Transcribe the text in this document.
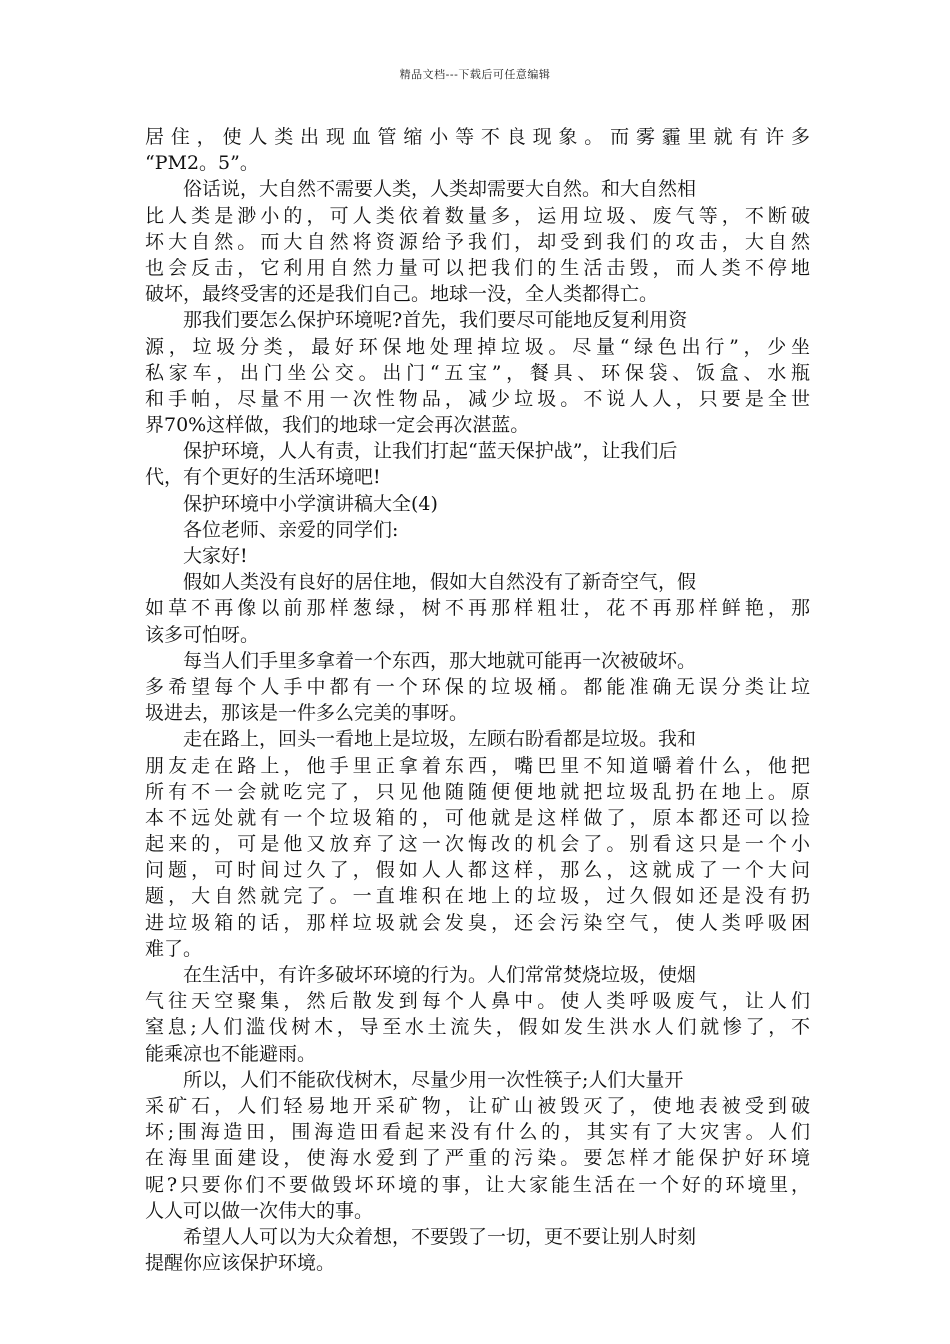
精品文档---下载后可任意编辑
居住，使人类出现血管缩小等不良现象。而雾霾里就有许多
“PM2。5”。
俗话说，大自然不需要人类，人类却需要大自然。和大自然相
比人类是渺小的，可人类依着数量多，运用垃圾、废气等，不断破
坏大自然。而大自然将资源给予我们，却受到我们的攻击，大自然
也会反击，它利用自然力量可以把我们的生活击毁，而人类不停地
破坏，最终受害的还是我们自己。地球一没，全人类都得亡。
那我们要怎么保护环境呢?首先，我们要尽可能地反复利用资
源，垃圾分类，最好环保地处理掉垃圾。尽量“绿色出行”，少坐
私家车，出门坐公交。出门“五宝”，餐具、环保袋、饭盒、水瓶
和手帕，尽量不用一次性物品，减少垃圾。不说人人，只要是全世
界70%这样做，我们的地球一定会再次湛蓝。
保护环境，人人有责，让我们打起“蓝天保护战”，让我们后
代，有个更好的生活环境吧!
保护环境中小学演讲稿大全(4)
各位老师、亲爱的同学们:
大家好!
假如人类没有良好的居住地，假如大自然没有了新奇空气，假
如草不再像以前那样葱绿，树不再那样粗壮，花不再那样鲜艳，那
该多可怕呀。
每当人们手里多拿着一个东西，那大地就可能再一次被破坏。
多希望每个人手中都有一个环保的垃圾桶。都能准确无误分类让垃
圾进去，那该是一件多么完美的事呀。
走在路上，回头一看地上是垃圾，左顾右盼看都是垃圾。我和
朋友走在路上，他手里正拿着东西，嘴巴里不知道嚼着什么，他把
所有不一会就吃完了，只见他随随便便地就把垃圾乱扔在地上。原
本不远处就有一个垃圾箱的，可他就是这样做了，原本都还可以捡
起来的，可是他又放弃了这一次悔改的机会了。别看这只是一个小
问题，可时间过久了，假如人人都这样，那么，这就成了一个大问
题，大自然就完了。一直堆积在地上的垃圾，过久假如还是没有扔
进垃圾箱的话，那样垃圾就会发臭，还会污染空气，使人类呼吸困
难了。
在生活中，有许多破坏环境的行为。人们常常焚烧垃圾，使烟
气往天空聚集，然后散发到每个人鼻中。使人类呼吸废气，让人们
窒息;人们滥伐树木，导至水土流失，假如发生洪水人们就惨了，不
能乘凉也不能避雨。
所以，人们不能砍伐树木，尽量少用一次性筷子;人们大量开
采矿石，人们轻易地开采矿物，让矿山被毁灭了，使地表被受到破
坏;围海造田，围海造田看起来没有什么的，其实有了大灾害。人们
在海里面建设，使海水爱到了严重的污染。要怎样才能保护好环境
呢?只要你们不要做毁坏环境的事，让大家能生活在一个好的环境里，
人人可以做一次伟大的事。
希望人人可以为大众着想，不要毁了一切，更不要让别人时刻
提醒你应该保护环境。
